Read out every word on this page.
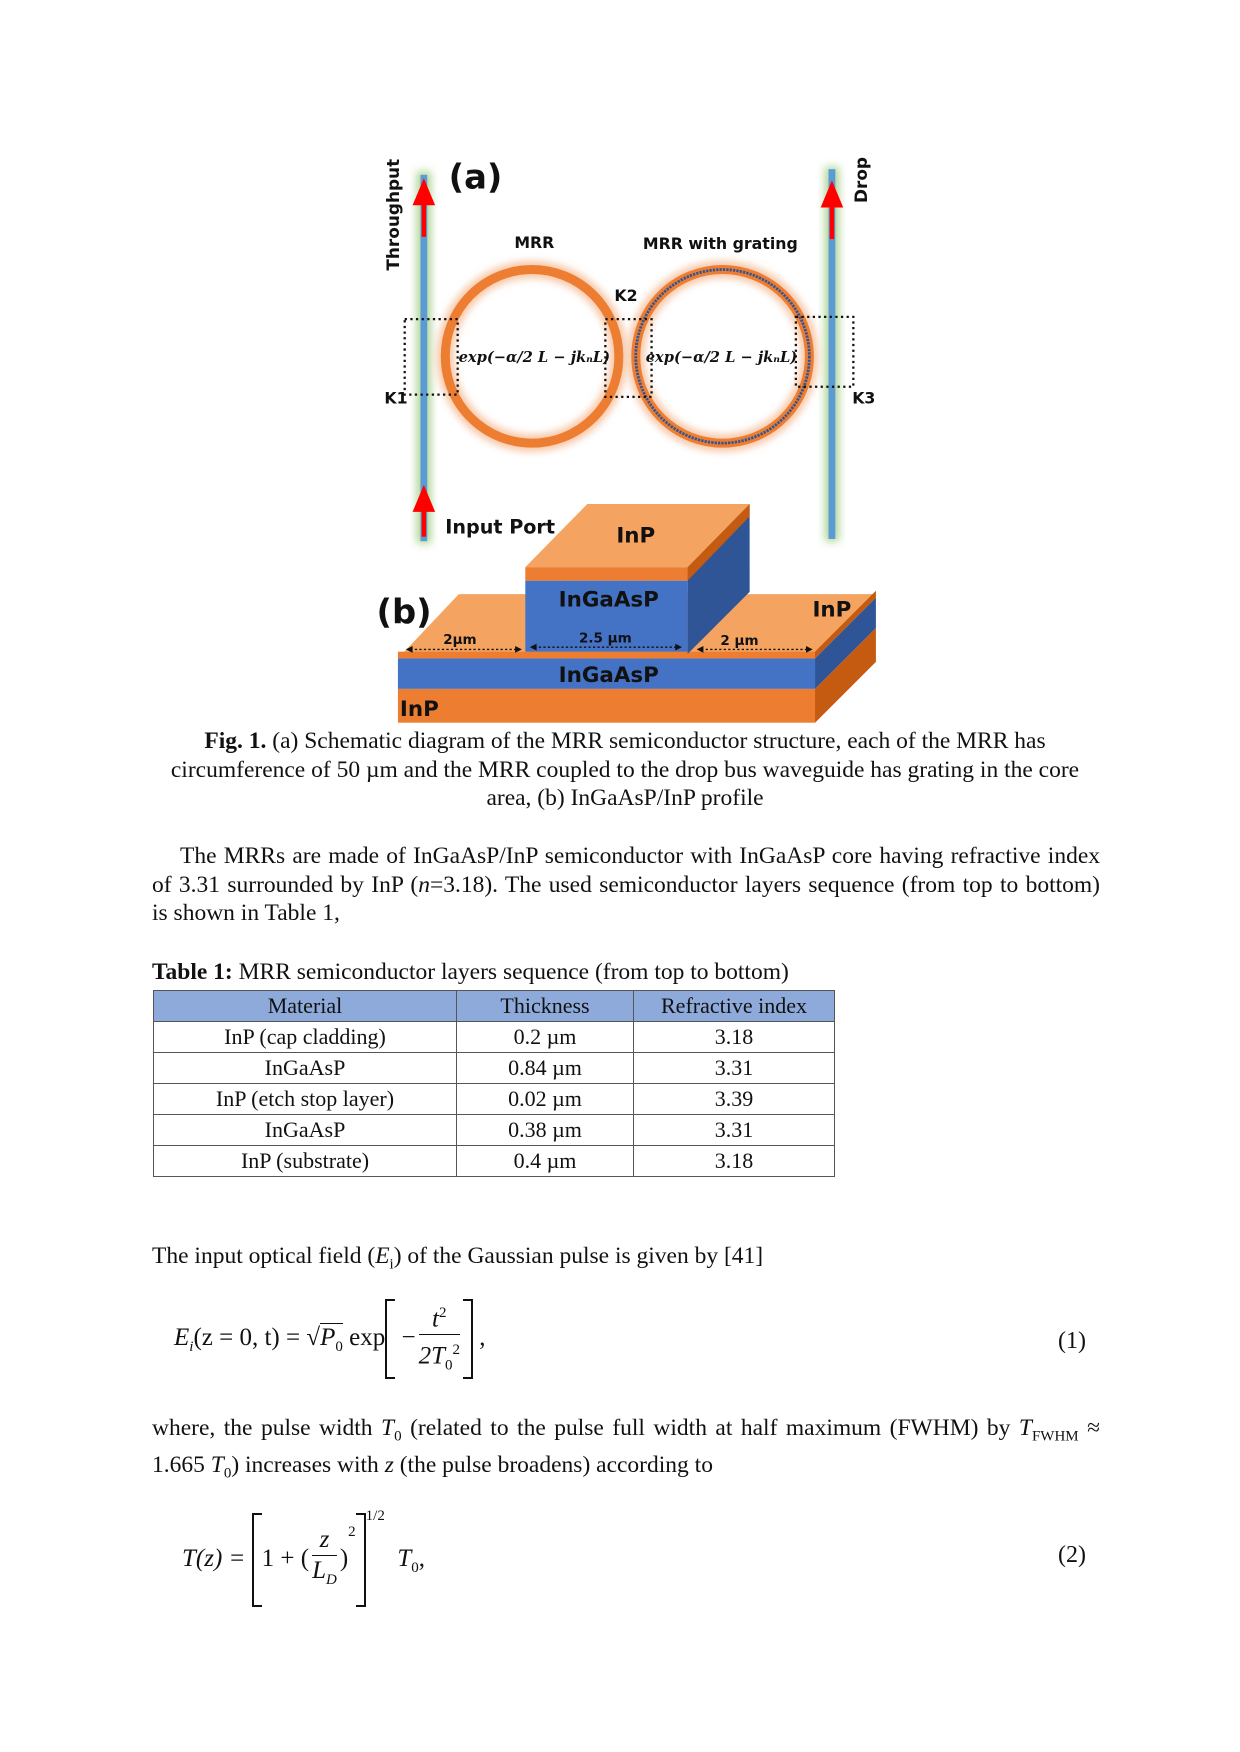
(a)
Throughput	Drop
MRR	MRR with grating
K2
K1	K3
Input Port
exp(−α/2 L − jkₙL)	exp(−α/2 L − jkₙL)
(b)
InP
InGaAsP	InP
InGaAsP
InP
2µm	2.5 µm	2 µm
Fig. 1. (a) Schematic diagram of the MRR semiconductor structure, each of the MRR has circumference of 50 µm and the MRR coupled to the drop bus waveguide has grating in the core area, (b) InGaAsP/InP profile
The MRRs are made of InGaAsP/InP semiconductor with InGaAsP core having refractive index of 3.31 surrounded by InP (n=3.18). The used semiconductor layers sequence (from top to bottom) is shown in Table 1,
Table 1: MRR semiconductor layers sequence (from top to bottom)
Material	Thickness	Refractive index
InP (cap cladding)	0.2 µm	3.18
InGaAsP	0.84 µm	3.31
InP (etch stop layer)	0.02 µm	3.39
InGaAsP	0.38 µm	3.31
InP (substrate)	0.4 µm	3.18
The input optical field $(E_i)$ of the Gaussian pulse is given by [41]
$E_i(z = 0$, $t) = √P_0$ $\exp - \frac{t^2}{2T_0^2}$ ,	(1)
where, the pulse width $T_0$ (related to the pulse full width at half maximum (FWHM) by $T_{FWHM} \approx 1.665$ $T_0$) increases with z (the pulse broadens) according to
T(z) = 1 + ( $\frac{z}{L_D} )^{21/2}$  $T_0$,	(2)
